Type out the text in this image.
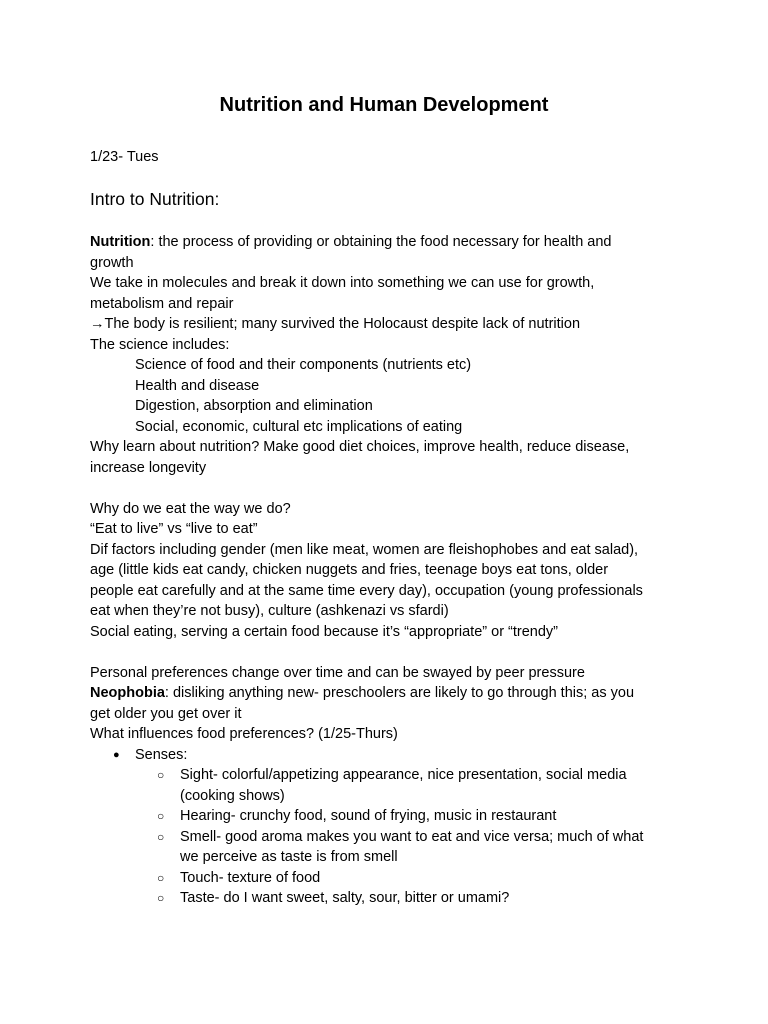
Nutrition and Human Development

1/23- Tues

Intro to Nutrition:

Nutrition: the process of providing or obtaining the food necessary for health and

growth

We take in molecules and break it down into something we can use for growth,

metabolism and repair

→The body is resilient; many survived the Holocaust despite lack of nutrition

The science includes:

Science of food and their components (nutrients etc)

Health and disease

Digestion, absorption and elimination

Social, economic, cultural etc implications of eating

Why learn about nutrition? Make good diet choices, improve health, reduce disease,

increase longevity

Why do we eat the way we do?

“Eat to live” vs “live to eat”

Dif factors including gender (men like meat, women are fleishophobes and eat salad),

age (little kids eat candy, chicken nuggets and fries, teenage boys eat tons, older

people eat carefully and at the same time every day), occupation (young professionals

eat when they’re not busy), culture (ashkenazi vs sfardi)

Social eating, serving a certain food because it’s “appropriate” or “trendy”

Personal preferences change over time and can be swayed by peer pressure

Neophobia: disliking anything new- preschoolers are likely to go through this; as you

get older you get over it

What influences food preferences? (1/25-Thurs)

● Senses:

○ Sight- colorful/appetizing appearance, nice presentation, social media

(cooking shows)

○ Hearing- crunchy food, sound of frying, music in restaurant

○ Smell- good aroma makes you want to eat and vice versa; much of what

we perceive as taste is from smell

○ Touch- texture of food

○ Taste- do I want sweet, salty, sour, bitter or umami?
